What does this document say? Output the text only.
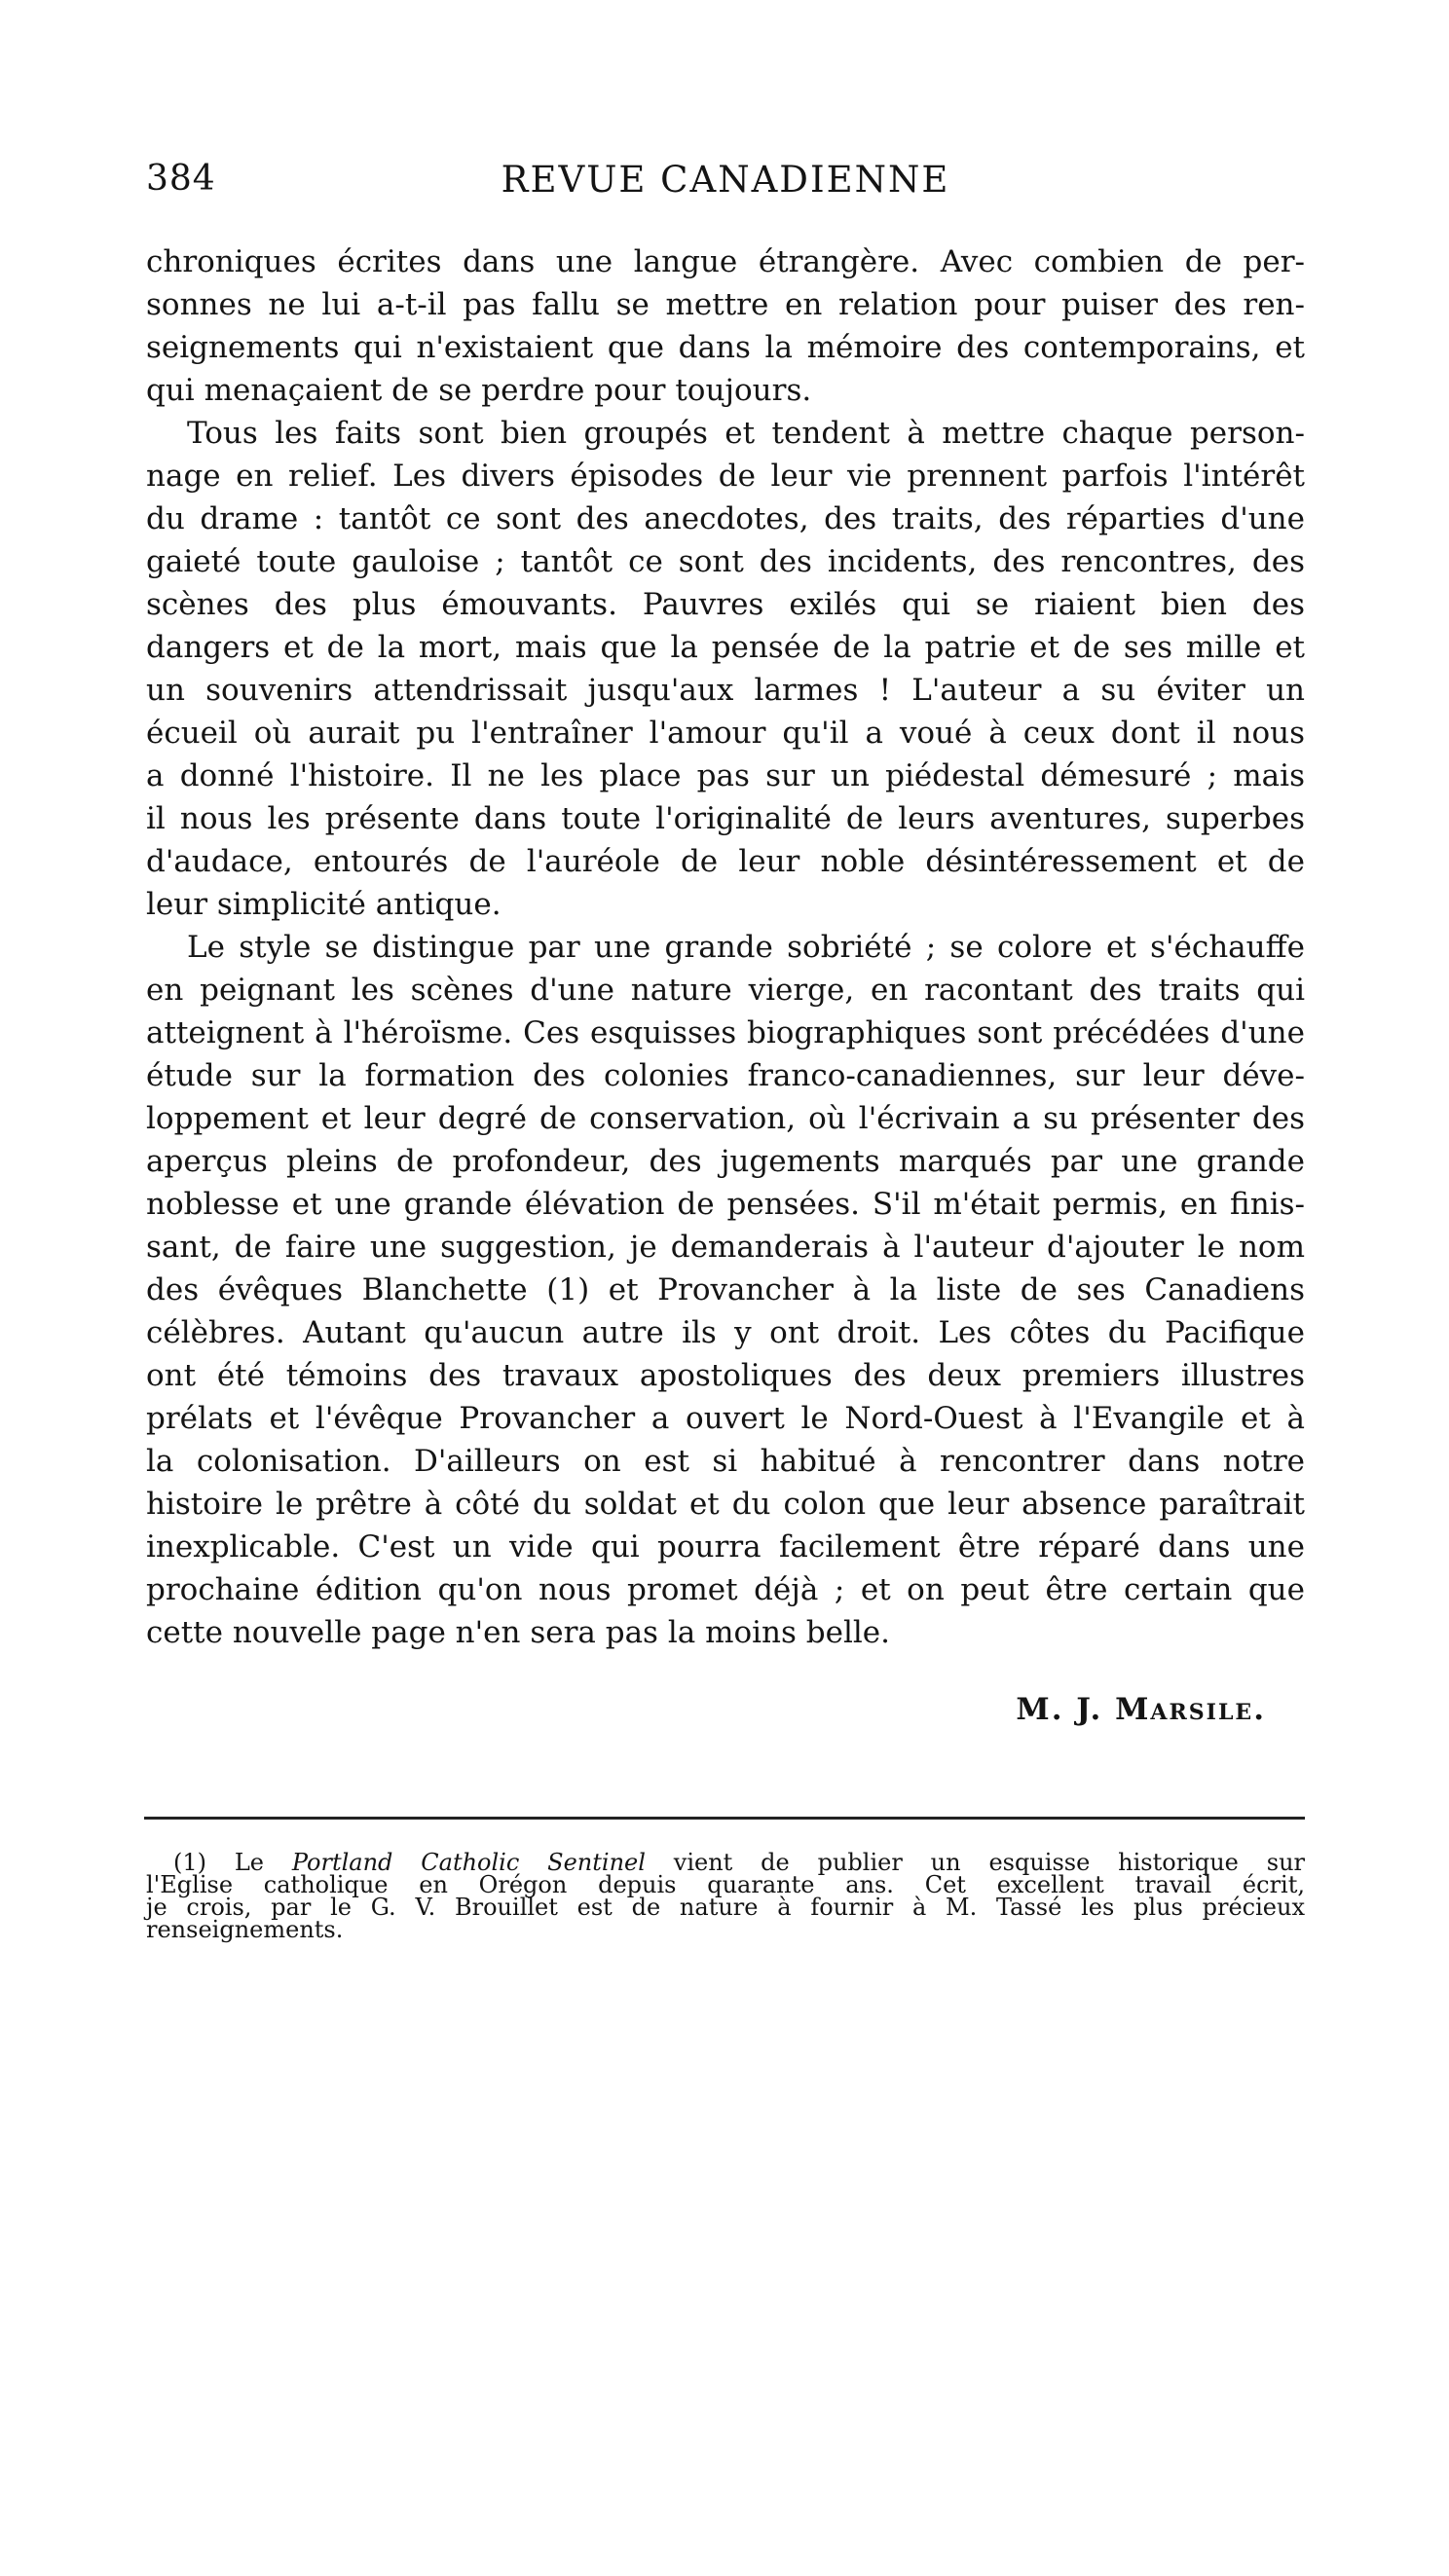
384	REVUE CANADIENNE
chroniques écrites dans une langue étrangère. Avec combien de per-
sonnes ne lui a-t-il pas fallu se mettre en relation pour puiser des ren-
seignements qui n'existaient que dans la mémoire des contemporains, et
qui menaçaient de se perdre pour toujours.
Tous les faits sont bien groupés et tendent à mettre chaque person-
nage en relief. Les divers épisodes de leur vie prennent parfois l'intérêt
du drame : tantôt ce sont des anecdotes, des traits, des réparties d'une
gaieté toute gauloise ; tantôt ce sont des incidents, des rencontres, des
scènes des plus émouvants. Pauvres exilés qui se riaient bien des
dangers et de la mort, mais que la pensée de la patrie et de ses mille et
un souvenirs attendrissait jusqu'aux larmes ! L'auteur a su éviter un
écueil où aurait pu l'entraîner l'amour qu'il a voué à ceux dont il nous
a donné l'histoire. Il ne les place pas sur un piédestal démesuré ; mais
il nous les présente dans toute l'originalité de leurs aventures, superbes
d'audace, entourés de l'auréole de leur noble désintéressement et de
leur simplicité antique.
Le style se distingue par une grande sobriété ; se colore et s'échauffe
en peignant les scènes d'une nature vierge, en racontant des traits qui
atteignent à l'héroïsme. Ces esquisses biographiques sont précédées d'une
étude sur la formation des colonies franco-canadiennes, sur leur déve-
loppement et leur degré de conservation, où l'écrivain a su présenter des
aperçus pleins de profondeur, des jugements marqués par une grande
noblesse et une grande élévation de pensées. S'il m'était permis, en finis-
sant, de faire une suggestion, je demanderais à l'auteur d'ajouter le nom
des évêques Blanchette (1) et Provancher à la liste de ses Canadiens
célèbres. Autant qu'aucun autre ils y ont droit. Les côtes du Pacifique
ont été témoins des travaux apostoliques des deux premiers illustres
prélats et l'évêque Provancher a ouvert le Nord-Ouest à l'Evangile et à
la colonisation. D'ailleurs on est si habitué à rencontrer dans notre
histoire le prêtre à côté du soldat et du colon que leur absence paraîtrait
inexplicable. C'est un vide qui pourra facilement être réparé dans une
prochaine édition qu'on nous promet déjà ; et on peut être certain que
cette nouvelle page n'en sera pas la moins belle.
M. J. Marsile.
(1) Le Portland Catholic Sentinel vient de publier un esquisse historique sur
l'Eglise catholique en Orégon depuis quarante ans. Cet excellent travail écrit,
je crois, par le G. V. Brouillet est de nature à fournir à M. Tassé les plus précieux
renseignements.
